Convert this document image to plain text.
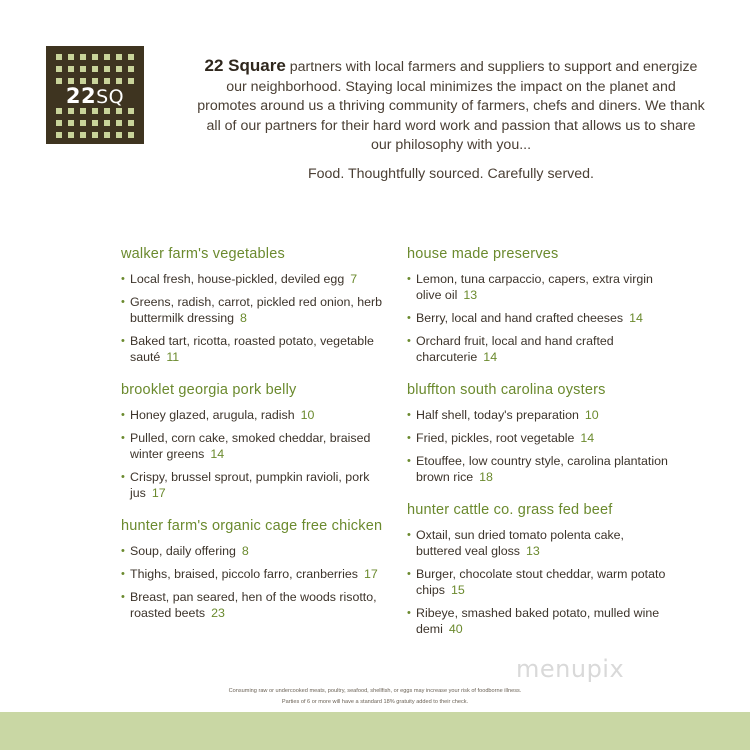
22SQ
22 Square partners with local farmers and suppliers to support and energize our neighborhood. Staying local minimizes the impact on the planet and promotes around us a thriving community of farmers, chefs and diners. We thank all of our partners for their hard word work and passion that allows us to share our philosophy with you...
Food. Thoughtfully sourced. Carefully served.
walker farm's vegetables
• Local fresh, house-pickled, deviled egg 7
• Greens, radish, carrot, pickled red onion, herb buttermilk dressing 8
• Baked tart, ricotta, roasted potato, vegetable sauté 11
brooklet georgia pork belly
• Honey glazed, arugula, radish 10
• Pulled, corn cake, smoked cheddar, braised winter greens 14
• Crispy, brussel sprout, pumpkin ravioli, pork jus 17
hunter farm's organic cage free chicken
• Soup, daily offering 8
• Thighs, braised, piccolo farro, cranberries 17
• Breast, pan seared, hen of the woods risotto, roasted beets 23
house made preserves
• Lemon, tuna carpaccio, capers, extra virgin olive oil 13
• Berry, local and hand crafted cheeses 14
• Orchard fruit, local and hand crafted charcuterie 14
bluffton south carolina oysters
• Half shell, today's preparation 10
• Fried, pickles, root vegetable 14
• Etouffee, low country style, carolina plantation brown rice 18
hunter cattle co. grass fed beef
• Oxtail, sun dried tomato polenta cake, buttered veal gloss 13
• Burger, chocolate stout cheddar, warm potato chips 15
• Ribeye, smashed baked potato, mulled wine demi 40
menupix
Consuming raw or undercooked meats, poultry, seafood, shellfish, or eggs may increase your risk of foodborne illness.
Parties of 6 or more will have a standard 18% gratuity added to their check.
